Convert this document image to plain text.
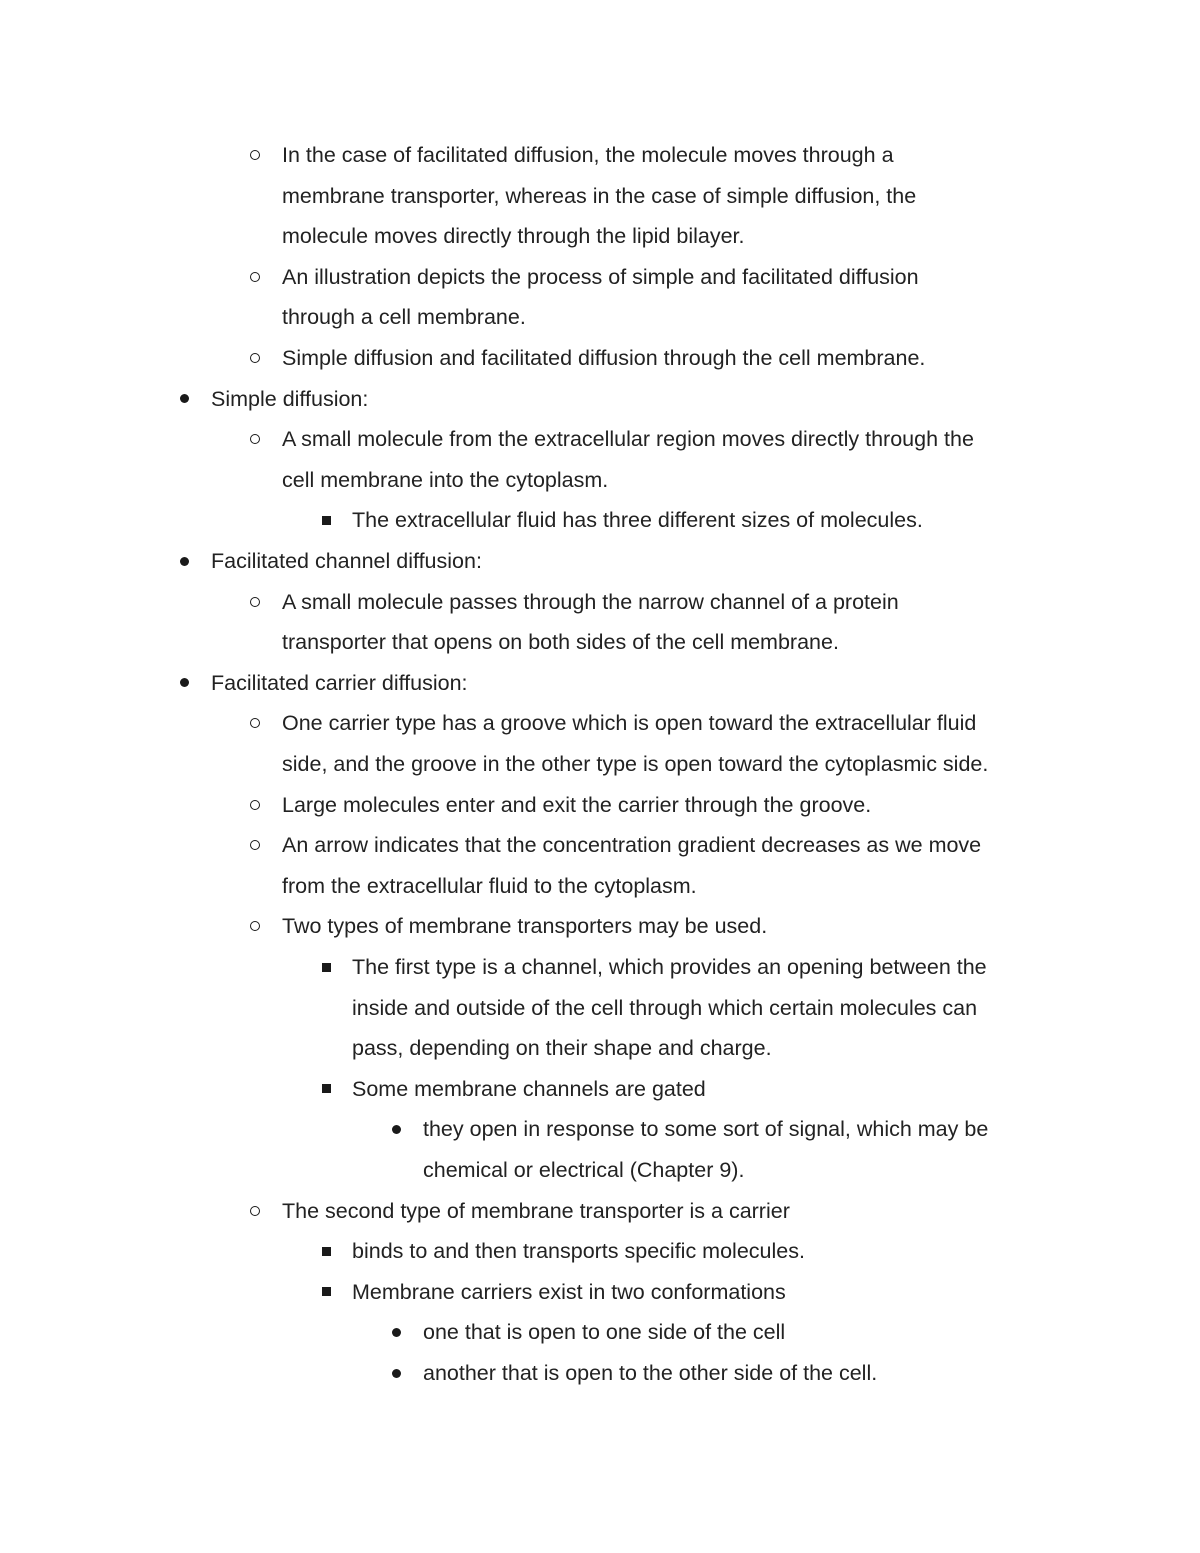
In the case of facilitated diffusion, the molecule moves through a
membrane transporter, whereas in the case of simple diffusion, the
molecule moves directly through the lipid bilayer.
An illustration depicts the process of simple and facilitated diffusion
through a cell membrane.
Simple diffusion and facilitated diffusion through the cell membrane.
Simple diffusion:
A small molecule from the extracellular region moves directly through the
cell membrane into the cytoplasm.
The extracellular fluid has three different sizes of molecules.
Facilitated channel diffusion:
A small molecule passes through the narrow channel of a protein
transporter that opens on both sides of the cell membrane.
Facilitated carrier diffusion:
One carrier type has a groove which is open toward the extracellular fluid
side, and the groove in the other type is open toward the cytoplasmic side.
Large molecules enter and exit the carrier through the groove.
An arrow indicates that the concentration gradient decreases as we move
from the extracellular fluid to the cytoplasm.
Two types of membrane transporters may be used.
The first type is a channel, which provides an opening between the
inside and outside of the cell through which certain molecules can
pass, depending on their shape and charge.
Some membrane channels are gated
they open in response to some sort of signal, which may be
chemical or electrical (Chapter 9).
The second type of membrane transporter is a carrier
binds to and then transports specific molecules.
Membrane carriers exist in two conformations
one that is open to one side of the cell
another that is open to the other side of the cell.
